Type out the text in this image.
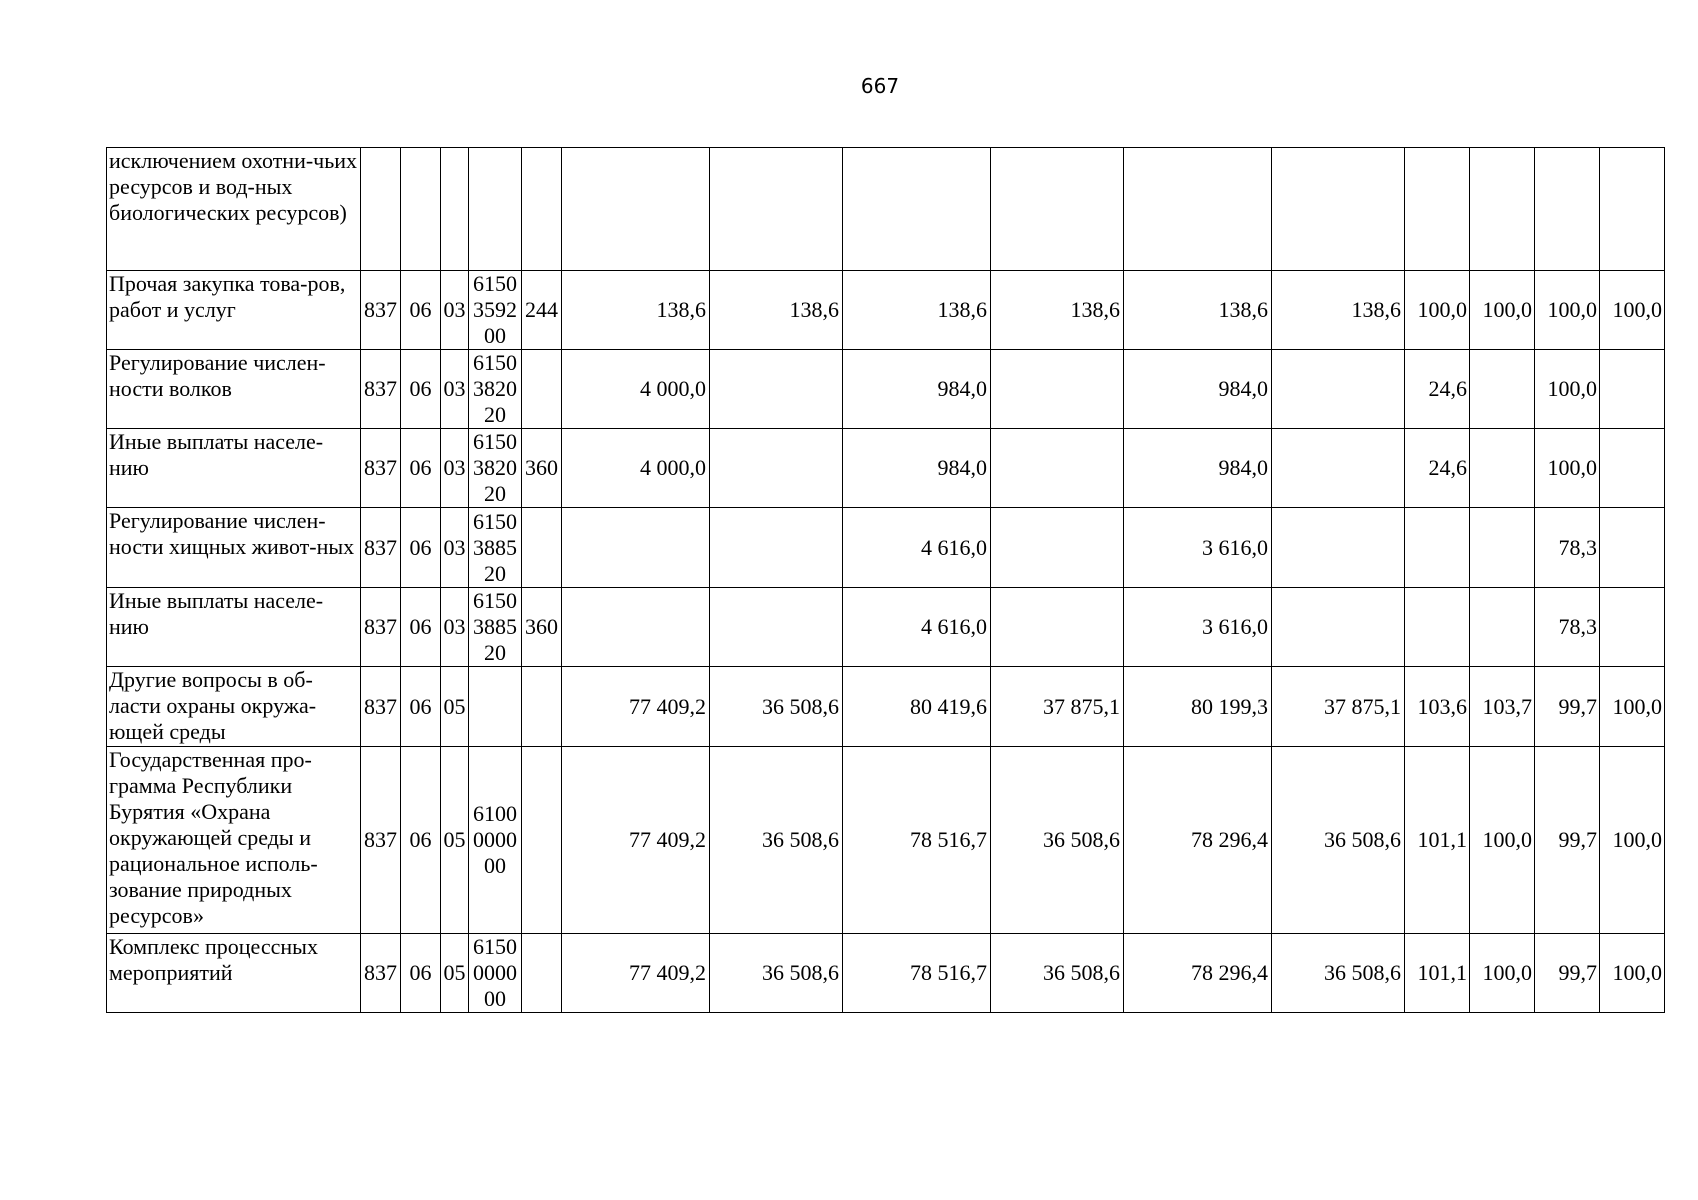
667
исключением охотни-чьих ресурсов и вод-ных биологических ресурсов)															
Прочая закупка това-ров, работ и услуг	837	06	03	6150 3592 00	244	138,6	138,6	138,6	138,6	138,6	138,6	100,0	100,0	100,0	100,0
Регулирование числен-ности волков	837	06	03	6150 3820 20		4 000,0		984,0		984,0		24,6		100,0	
Иные выплаты населе-нию	837	06	03	6150 3820 20	360	4 000,0		984,0		984,0		24,6		100,0	
Регулирование числен-ности хищных живот-ных	837	06	03	6150 3885 20				4 616,0		3 616,0				78,3	
Иные выплаты населе-нию	837	06	03	6150 3885 20	360			4 616,0		3 616,0				78,3	
Другие вопросы в об-ласти охраны окружа-ющей среды	837	06	05			77 409,2	36 508,6	80 419,6	37 875,1	80 199,3	37 875,1	103,6	103,7	99,7	100,0
Государственная про-грамма Республики Бурятия «Охрана окружающей среды и рациональное исполь-зование природных ресурсов»	837	06	05	6100 0000 00		77 409,2	36 508,6	78 516,7	36 508,6	78 296,4	36 508,6	101,1	100,0	99,7	100,0
Комплекс процессных мероприятий	837	06	05	6150 0000 00		77 409,2	36 508,6	78 516,7	36 508,6	78 296,4	36 508,6	101,1	100,0	99,7	100,0
